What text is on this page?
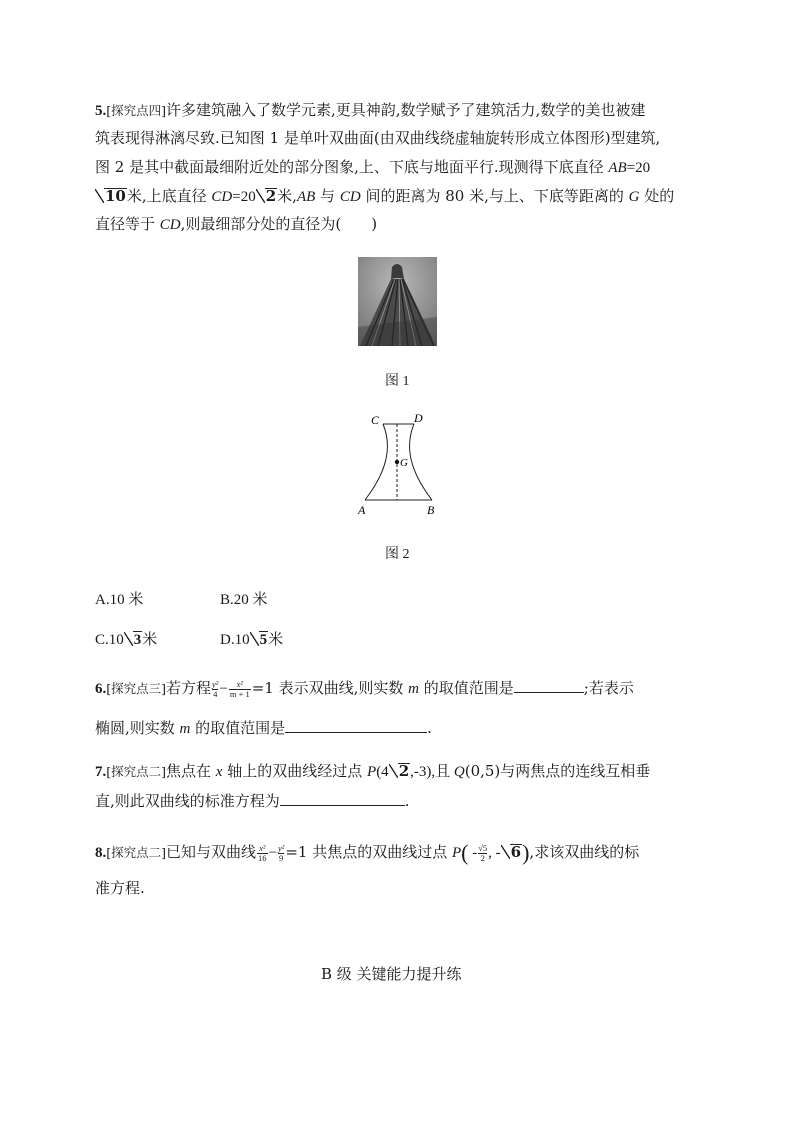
5.[探究点四]许多建筑融入了数学元素,更具神韵,数学赋予了建筑活力,数学的美也被建
筑表现得淋漓尽致.已知图 1 是单叶双曲面(由双曲线绕虚轴旋转形成立体图形)型建筑,
图 2 是其中截面最细附近处的部分图象,上、下底与地面平行.现测得下底直径 AB=20
10米,上底直径 CD=20 2米,AB 与 CD 间的距离为 80 米,与上、下底等距离的 G 处的
直径等于 CD,则最细部分处的直径为(　　)
图 1
C	D
G
A	B
图 2
A.10 米	B.20 米
C.10 3米	D.10 5米
6.[探究点三]若方程 $\frac{\text{y²}}{4} - \frac{\text{x²}}{m + 1} =1$ 表示双曲线,则实数 m 的取值范围是	;若表示
椭圆,则实数 m 的取值范围是	.
7.[探究点二]焦点在 x 轴上的双曲线经过点 P(4 2,-3),且 Q(0,5)与两焦点的连线互相垂
直,则此双曲线的标准方程为	.
8.[探究点二]已知与双曲线 $\frac{\text{x²}}{16} - \frac{\text{y²}}{9} =1$ 共焦点的双曲线过点 $P( - \frac{√5}{2}$ , - 6),求该双曲线的标
准方程.
B 级 关键能力提升练
